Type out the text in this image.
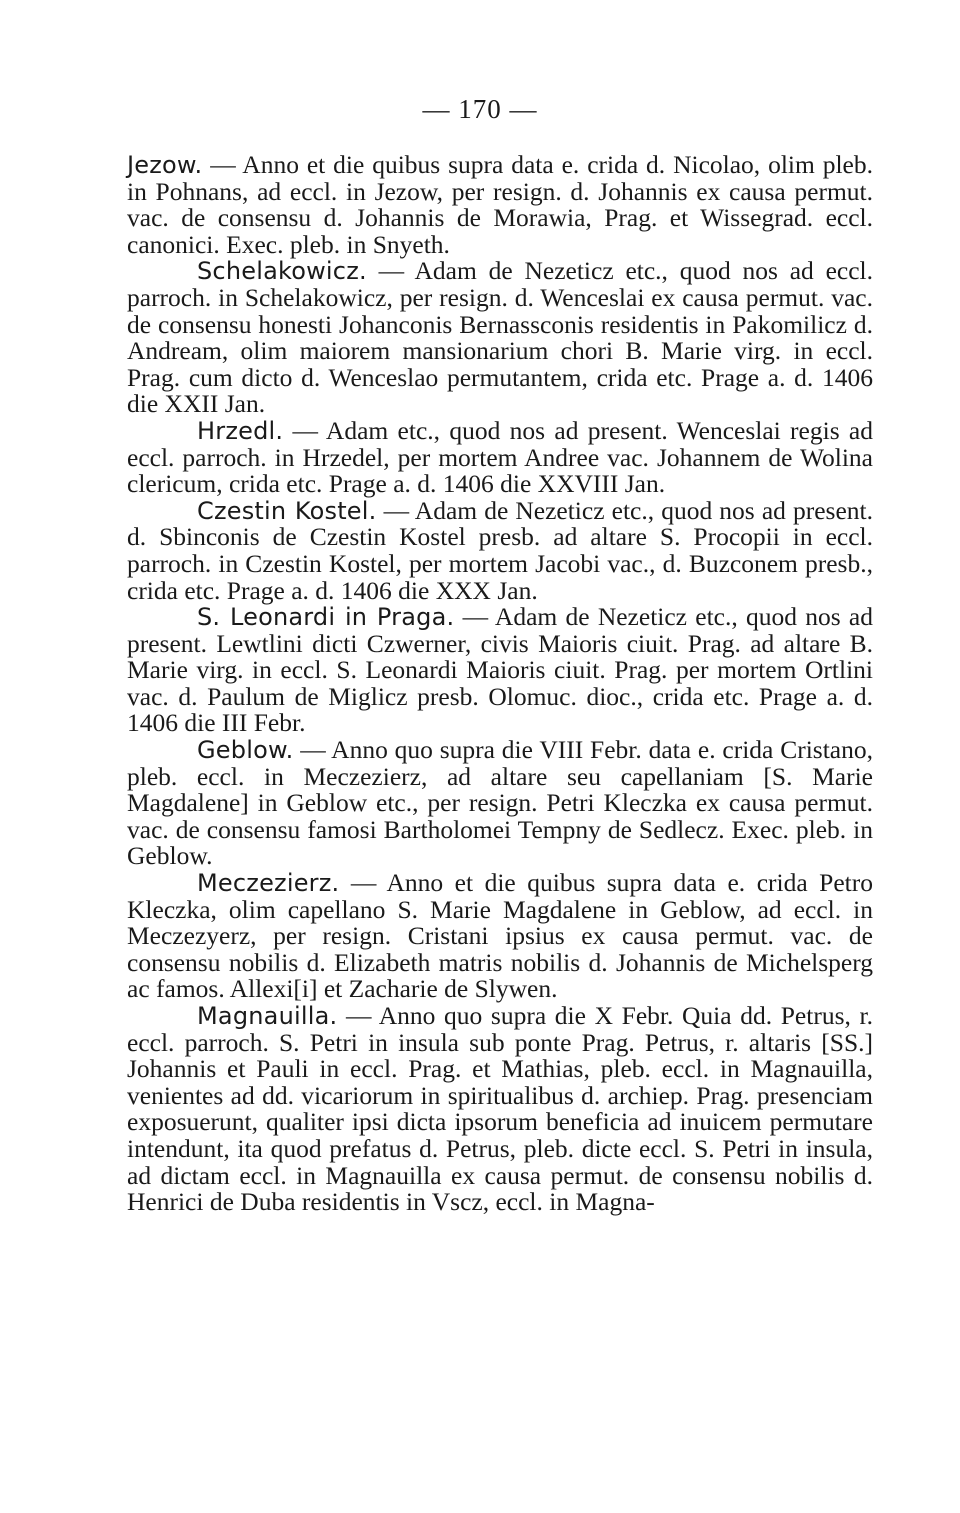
— 170 —

Jezow. — Anno et die quibus supra data e. crida d. Nicolao, olim pleb. in Pohnans, ad eccl. in Jezow, per resign. d. Johannis ex causa permut. vac. de consensu d. Johannis de Morawia, Prag. et Wissegrad. eccl. canonici. Exec. pleb. in Snyeth.

Schelakowicz. — Adam de Nezeticz etc., quod nos ad eccl. parroch. in Schelakowicz, per resign. d. Wenceslai ex causa permut. vac. de consensu honesti Johanconis Bernassconis residentis in Pakomilicz d. Andream, olim maiorem mansionarium chori B. Marie virg. in eccl. Prag. cum dicto d. Wenceslao permutantem, crida etc. Prage a. d. 1406 die XXII Jan.

Hrzedl. — Adam etc., quod nos ad present. Wenceslai regis ad eccl. parroch. in Hrzedel, per mortem Andree vac. Johannem de Wolina clericum, crida etc. Prage a. d. 1406 die XXVIII Jan.

Czestin Kostel. — Adam de Nezeticz etc., quod nos ad present. d. Sbinconis de Czestin Kostel presb. ad altare S. Procopii in eccl. parroch. in Czestin Kostel, per mortem Jacobi vac., d. Buzconem presb., crida etc. Prage a. d. 1406 die XXX Jan.

S. Leonardi in Praga. — Adam de Nezeticz etc., quod nos ad present. Lewtlini dicti Czwerner, civis Maioris ciuit. Prag. ad altare B. Marie virg. in eccl. S. Leonardi Maioris ciuit. Prag. per mortem Ortlini vac. d. Paulum de Miglicz presb. Olomuc. dioc., crida etc. Prage a. d. 1406 die III Febr.

Geblow. — Anno quo supra die VIII Febr. data e. crida Cristano, pleb. eccl. in Meczezierz, ad altare seu capellaniam [S. Marie Magdalene] in Geblow etc., per resign. Petri Kleczka ex causa permut. vac. de consensu famosi Bartholomei Tempny de Sedlecz. Exec. pleb. in Geblow.

Meczezierz. — Anno et die quibus supra data e. crida Petro Kleczka, olim capellano S. Marie Magdalene in Geblow, ad eccl. in Meczezyerz, per resign. Cristani ipsius ex causa permut. vac. de consensu nobilis d. Elizabeth matris nobilis d. Johannis de Michelsperg ac famos. Allexi[i] et Zacharie de Slywen.

Magnauilla. — Anno quo supra die X Febr. Quia dd. Petrus, r. eccl. parroch. S. Petri in insula sub ponte Prag. Petrus, r. altaris [SS.] Johannis et Pauli in eccl. Prag. et Mathias, pleb. eccl. in Magnauilla, venientes ad dd. vicariorum in spiritualibus d. archiep. Prag. presenciam exposuerunt, qualiter ipsi dicta ipsorum beneficia ad inuicem permutare intendunt, ita quod prefatus d. Petrus, pleb. dicte eccl. S. Petri in insula, ad dictam eccl. in Magnauilla ex causa permut. de consensu nobilis d. Henrici de Duba residentis in Vscz, eccl. in Magna-
